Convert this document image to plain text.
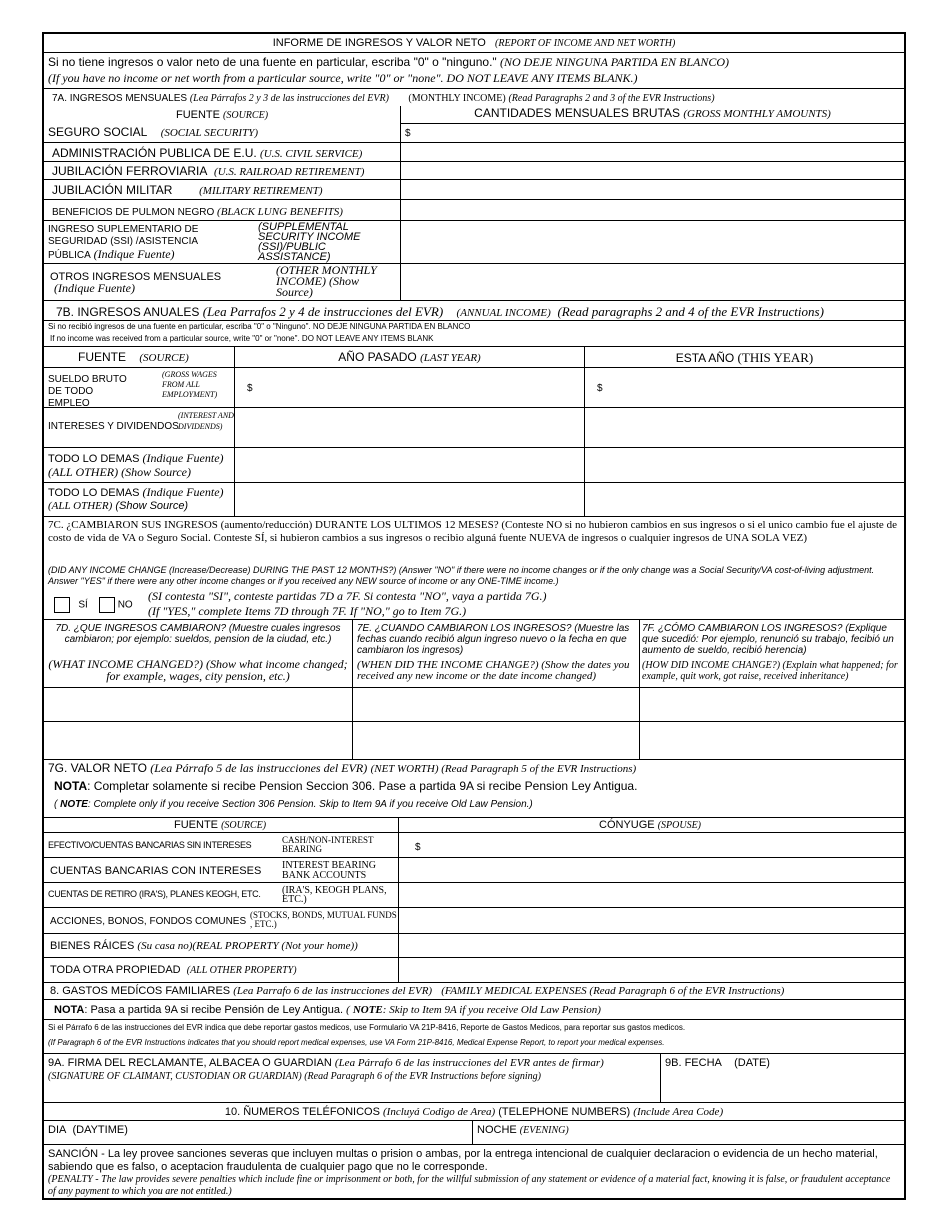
INFORME DE INGRESOS Y VALOR NETO (REPORT OF INCOME AND NET WORTH)
Si no tiene ingresos o valor neto de una fuente en particular, escriba "0" o "ninguno." (NO DEJE NINGUNA PARTIDA EN BLANCO)
(If you have no income or net worth from a particular source, write "0" or "none". DO NOT LEAVE ANY ITEMS BLANK.)
7A. INGRESOS MENSUALES (Lea Párrafos 2 y 3 de las instrucciones del EVR) (MONTHLY INCOME) (Read Paragraphs 2 and 3 of the EVR Instructions)
FUENTE (SOURCE)	CANTIDADES MENSUALES BRUTAS (GROSS MONTHLY AMOUNTS)
SEGURO SOCIAL (SOCIAL SECURITY)	$
ADMINISTRACIÓN PUBLICA DE E.U. (U.S. CIVIL SERVICE)
JUBILACIÓN FERROVIARIA (U.S. RAILROAD RETIREMENT)
JUBILACIÓN MILITAR (MILITARY RETIREMENT)
BENEFICIOS DE PULMON NEGRO (BLACK LUNG BENEFITS)
INGRESO SUPLEMENTARIO DE SEGURIDAD (SSI) /ASISTENCIA PÚBLICA (Indique Fuente)
(SUPPLEMENTAL SECURITY INCOME (SSI)/PUBLIC ASSISTANCE)
OTROS INGRESOS MENSUALES
(Indique Fuente)
(OTHER MONTHLY INCOME) (Show Source)
7B. INGRESOS ANUALES (Lea Parrafos 2 y 4 de instrucciones del EVR) (ANNUAL INCOME) (Read paragraphs 2 and 4 of the EVR Instructions)
Si no recibió ingresos de una fuente en particular, escriba "0" o "Ninguno". NO DEJE NINGUNA PARTIDA EN BLANCO
If no income was received from a particular source, write "0" or "none". DO NOT LEAVE ANY ITEMS BLANK
FUENTE (SOURCE)	AÑO PASADO (LAST YEAR)	ESTA AÑO (THIS YEAR)
SUELDO BRUTO DE TODO EMPLEO
(GROSS WAGES FROM ALL EMPLOYMENT)
$	$
INTERESES Y DIVIDENDOS
(INTEREST AND DIVIDENDS)
TODO LO DEMAS (Indique Fuente)
(ALL OTHER) (Show Source)
TODO LO DEMAS (Indique Fuente)
(ALL OTHER) (Show Source)
7C. ¿CAMBIARON SUS INGRESOS (aumento/reducción) DURANTE LOS ULTIMOS 12 MESES? (Conteste NO si no hubieron cambios en sus ingresos o si el unico cambio fue el ajuste de costo de vida de VA o Seguro Social. Conteste SÍ, si hubieron cambios a sus ingresos o recibio alguná fuente NUEVA de ingresos o cualquier ingresos de UNA SOLA VEZ)
(DID ANY INCOME CHANGE (Increase/Decrease) DURING THE PAST 12 MONTHS?) (Answer "NO" if there were no income changes or if the only change was a Social Security/VA cost-of-living adjustment. Answer "YES" if there were any other income changes or if you received any NEW source of income or any ONE-TIME income.)
SÍ	NO
(SI contesta "SI", conteste partidas 7D a 7F. Si contesta "NO", vaya a partida 7G.)
(If "YES," complete Items 7D through 7F. If "NO," go to Item 7G.)
7D. ¿QUE INGRESOS CAMBIARON? (Muestre cuales ingresos cambiaron; por ejemplo: sueldos, pension de la ciudad, etc.)
(WHAT INCOME CHANGED?) (Show what income changed; for example, wages, city pension, etc.)
7E. ¿CUANDO CAMBIARON LOS INGRESOS? (Muestre las fechas cuando recibió algun ingreso nuevo o la fecha en que cambiaron los ingresos)
(WHEN DID THE INCOME CHANGE?) (Show the dates you received any new income or the date income changed)
7F. ¿CÓMO CAMBIARON LOS INGRESOS? (Explique que sucedió: Por ejemplo, renunció su trabajo, fecibió un aumento de sueldo, recibió herencia)
(HOW DID INCOME CHANGE?) (Explain what happened; for example, quit work, got raise, received inheritance)
7G. VALOR NETO (Lea Párrafo 5 de las instrucciones del EVR) (NET WORTH) (Read Paragraph 5 of the EVR Instructions)
NOTA: Completar solamente si recibe Pension Seccion 306. Pase a partida 9A si recibe Pension Ley Antigua.
( NOTE: Complete only if you receive Section 306 Pension. Skip to Item 9A if you receive Old Law Pension.)
FUENTE (SOURCE)	CÓNYUGE (SPOUSE)
EFECTIVO/CUENTAS BANCARIAS SIN INTERESES	CASH/NON-INTEREST BEARING	$
CUENTAS BANCARIAS CON INTERESES INTEREST BEARING BANK ACCOUNTS
CUENTAS DE RETIRO (IRA'S), PLANES KEOGH, ETC. (IRA'S, KEOGH PLANS, ETC.)
ACCIONES, BONOS, FONDOS COMUNES
(STOCKS, BONDS, MUTUAL FUNDS , ETC.)
BIENES RÁICES (Su casa no)(REAL PROPERTY (Not your home))
TODA OTRA PROPIEDAD (ALL OTHER PROPERTY)
8. GASTOS MEDÍCOS FAMILIARES (Lea Parrafo 6 de las instrucciones del EVR) (FAMILY MEDICAL EXPENSES (Read Paragraph 6 of the EVR Instructions)
NOTA: Pasa a partida 9A si recibe Pensión de Ley Antigua. ( NOTE: Skip to Item 9A if you receive Old Law Pension)
Si el Párrafo 6 de las instrucciones del EVR indica que debe reportar gastos medicos, use Formulario VA 21P-8416, Reporte de Gastos Medicos, para reportar sus gastos medicos.
(If Paragraph 6 of the EVR Instructions indicates that you should report medical expenses, use VA Form 21P-8416, Medical Expense Report, to report your medical expenses.
9A. FIRMA DEL RECLAMANTE, ALBACEA O GUARDIAN (Lea Párrafo 6 de las instrucciones del EVR antes de firmar)
(SIGNATURE OF CLAIMANT, CUSTODIAN OR GUARDIAN) (Read Paragraph 6 of the EVR Instructions before signing)
9B. FECHA (DATE)
10. ÑUMEROS TELÉFONICOS (Incluyá Codigo de Area) (TELEPHONE NUMBERS) (Include Area Code)
DIA (DAYTIME)	NOCHE (EVENING)
SANCIÓN - La ley provee sanciones severas que incluyen multas o prision o ambas, por la entrega intencional de cualquier declaracion o evidencia de un hecho material, sabiendo que es falso, o aceptacion fraudulenta de cualquier pago que no le corresponde.
(PENALTY - The law provides severe penalties which include fine or imprisonment or both, for the willful submission of any statement or evidence of a material fact, knowing it is false, or fraudulent acceptance of any payment to which you are not entitled.)
